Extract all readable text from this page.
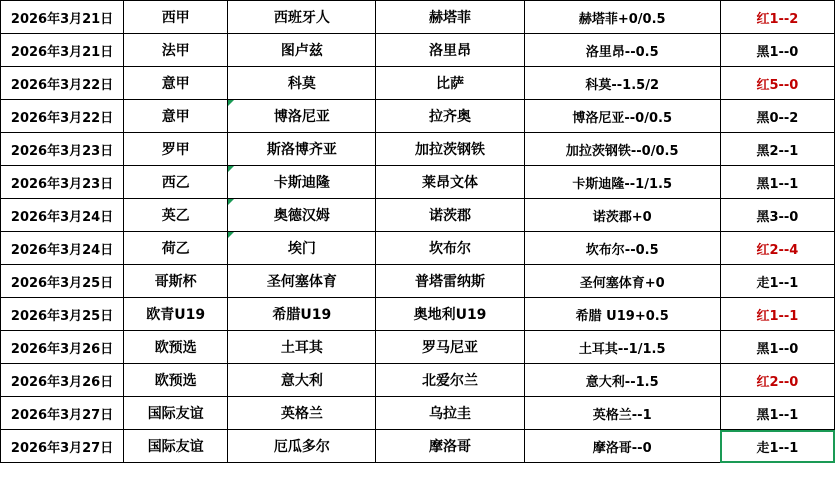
2026年3月21日	西甲	西班牙人	赫塔菲	赫塔菲+0/0.5	红1--2
2026年3月21日	法甲	图卢兹	洛里昂	洛里昂--0.5	黑1--0
2026年3月22日	意甲	科莫	比萨	科莫--1.5/2	红5--0
2026年3月22日	意甲	博洛尼亚	拉齐奥	博洛尼亚--0/0.5	黑0--2
2026年3月23日	罗甲	斯洛博齐亚	加拉茨钢铁	加拉茨钢铁--0/0.5	黑2--1
2026年3月23日	西乙	卡斯迪隆	莱昂文体	卡斯迪隆--1/1.5	黑1--1
2026年3月24日	英乙	奥德汉姆	诺茨郡	诺茨郡+0	黑3--0
2026年3月24日	荷乙	埃门	坎布尔	坎布尔--0.5	红2--4
2026年3月25日	哥斯杯	圣何塞体育	普塔雷纳斯	圣何塞体育+0	走1--1
2026年3月25日	欧青U19	希腊U19	奥地利U19	希腊 U19+0.5	红1--1
2026年3月26日	欧预选	土耳其	罗马尼亚	土耳其--1/1.5	黑1--0
2026年3月26日	欧预选	意大利	北爱尔兰	意大利--1.5	红2--0
2026年3月27日	国际友谊	英格兰	乌拉圭	英格兰--1	黑1--1
2026年3月27日	国际友谊	厄瓜多尔	摩洛哥	摩洛哥--0	走1--1
